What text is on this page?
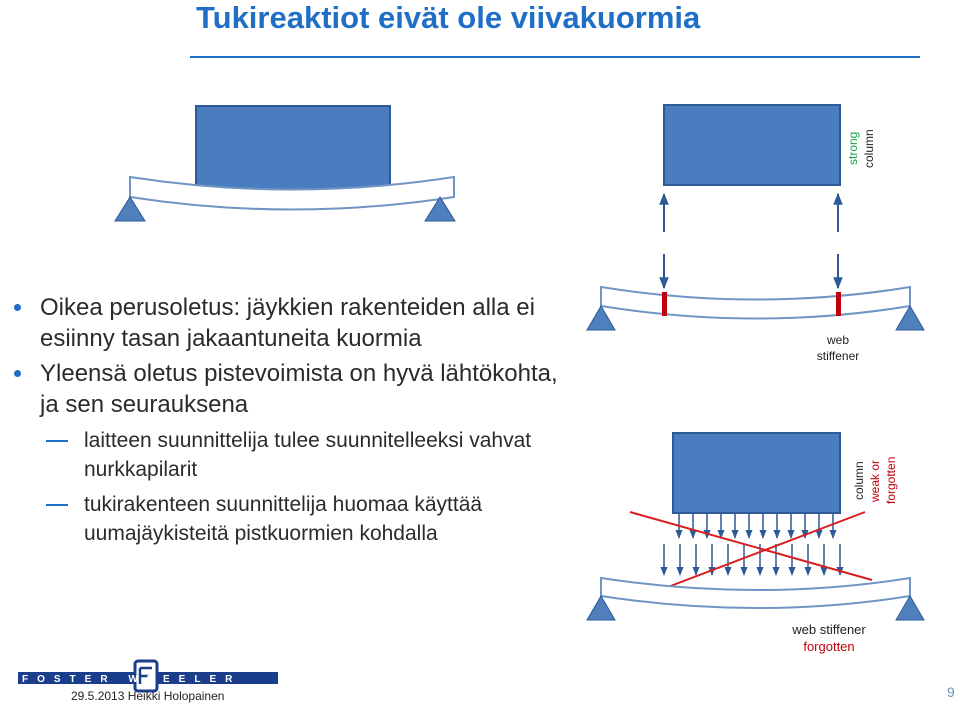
Tukireaktiot eivät ole viivakuormia
Oikea perusoletus: jäykkien rakenteiden alla ei esiinny tasan jakaantuneita kuormia
Yleensä oletus pistevoimista on hyvä lähtökohta, ja sen seurauksena
laitteen suunnittelija tulee suunnitelleeksi vahvat nurkkapilarit
tukirakenteen suunnittelija huomaa käyttää uumajäykisteitä pistkuormien kohdalla
strong column
web
stiffener
column weak or forgotten
web stiffener
forgotten
FOSTER WHEELER
29.5.2013 Heikki Holopainen	9
